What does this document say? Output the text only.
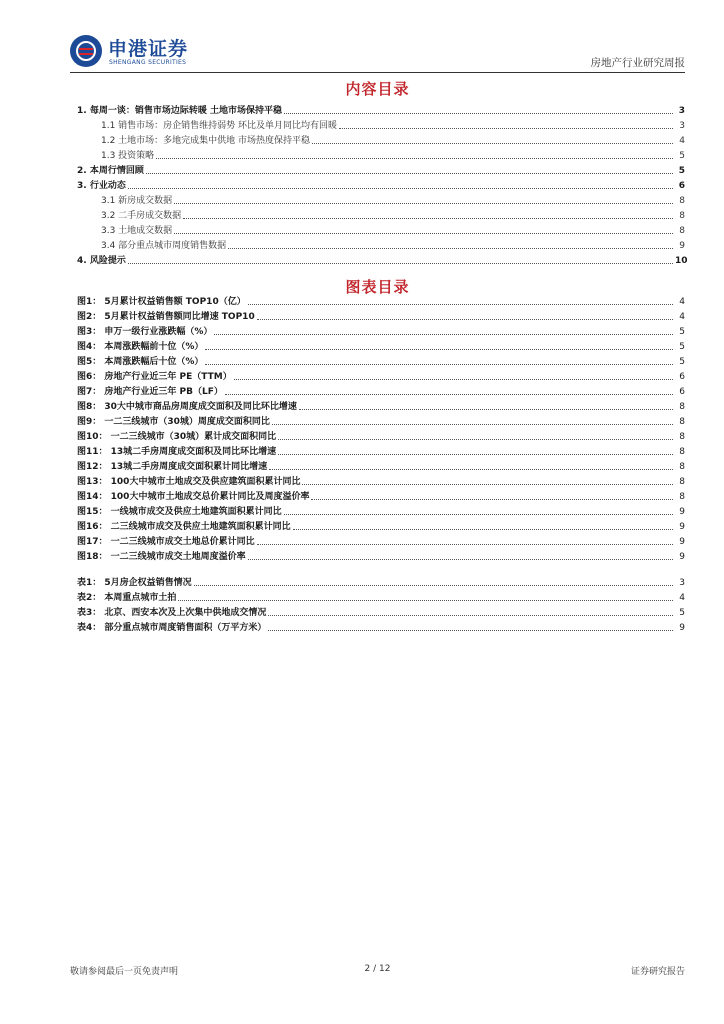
申港证券
SHENGANG SECURITIES	房地产行业研究周报
内容目录
1. 每周一谈：销售市场边际转暖 土地市场保持平稳	3
1.1 销售市场：房企销售维持弱势 环比及单月同比均有回暖	3
1.2 土地市场：多地完成集中供地 市场热度保持平稳	4
1.3 投资策略	5
2. 本周行情回顾	5
3. 行业动态	6
3.1 新房成交数据	8
3.2 二手房成交数据	8
3.3 土地成交数据	8
3.4 部分重点城市周度销售数据	9
4. 风险提示	10
图表目录
图1： 5月累计权益销售额 TOP10（亿）	4
图2： 5月累计权益销售额同比增速 TOP10	4
图3： 申万一级行业涨跌幅（%）	5
图4： 本周涨跌幅前十位（%）	5
图5： 本周涨跌幅后十位（%）	5
图6： 房地产行业近三年 PE（TTM）	6
图7： 房地产行业近三年 PB（LF）	6
图8： 30大中城市商品房周度成交面积及同比环比增速	8
图9： 一二三线城市（30城）周度成交面积同比	8
图10： 一二三线城市（30城）累计成交面积同比	8
图11： 13城二手房周度成交面积及同比环比增速	8
图12： 13城二手房周度成交面积累计同比增速	8
图13： 100大中城市土地成交及供应建筑面积累计同比	8
图14： 100大中城市土地成交总价累计同比及周度溢价率	8
图15： 一线城市成交及供应土地建筑面积累计同比	9
图16： 二三线城市成交及供应土地建筑面积累计同比	9
图17： 一二三线城市成交土地总价累计同比	9
图18： 一二三线城市成交土地周度溢价率	9
表1： 5月房企权益销售情况	3
表2： 本周重点城市土拍	4
表3： 北京、西安本次及上次集中供地成交情况	5
表4： 部分重点城市周度销售面积（万平方米）	9
敬请参阅最后一页免责声明	2 / 12	证券研究报告
